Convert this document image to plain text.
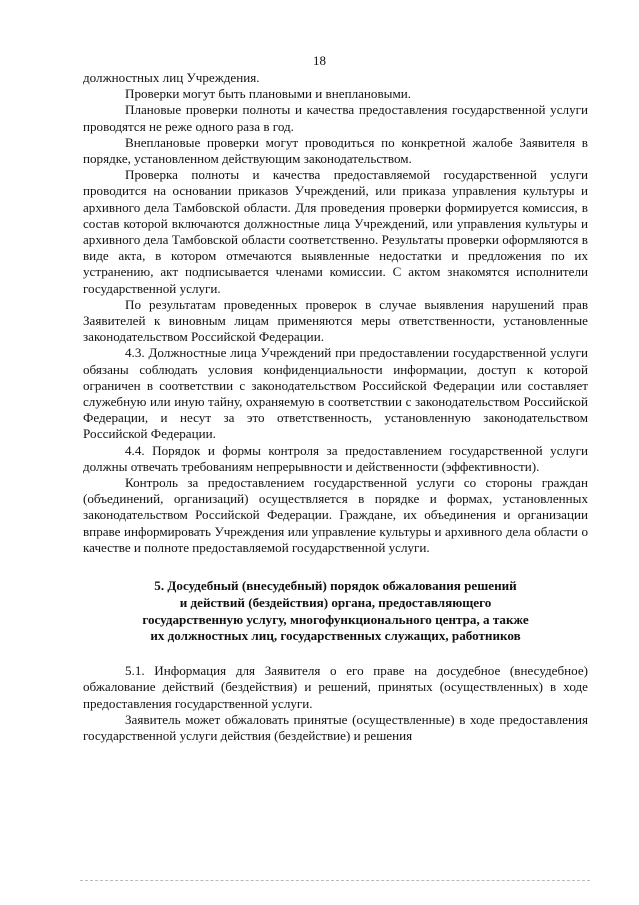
18

должностных лиц Учреждения.

Проверки могут быть плановыми и внеплановыми.

Плановые проверки полноты и качества предоставления государственной услуги проводятся не реже одного раза в год.

Внеплановые проверки могут проводиться по конкретной жалобе Заявителя в порядке, установленном действующим законодательством.

Проверка полноты и качества предоставляемой государственной услуги проводится на основании приказов Учреждений, или приказа управления культуры и архивного дела Тамбовской области. Для проведения проверки формируется комиссия, в состав которой включаются должностные лица Учреждений, или управления культуры и архивного дела Тамбовской области соответственно. Результаты проверки оформляются в виде акта, в котором отмечаются выявленные недостатки и предложения по их устранению, акт подписывается членами комиссии. С актом знакомятся исполнители государственной услуги.

По результатам проведенных проверок в случае выявления нарушений прав Заявителей к виновным лицам применяются меры ответственности, установленные законодательством Российской Федерации.

4.3. Должностные лица Учреждений при предоставлении государственной услуги обязаны соблюдать условия конфиденциальности информации, доступ к которой ограничен в соответствии с законодательством Российской Федерации или составляет служебную или иную тайну, охраняемую в соответствии с законодательством Российской Федерации, и несут за это ответственность, установленную законодательством Российской Федерации.

4.4. Порядок и формы контроля за предоставлением государственной услуги должны отвечать требованиям непрерывности и действенности (эффективности).

Контроль за предоставлением государственной услуги со стороны граждан (объединений, организаций) осуществляется в порядке и формах, установленных законодательством Российской Федерации. Граждане, их объединения и организации вправе информировать Учреждения или управление культуры и архивного дела области о качестве и полноте предоставляемой государственной услуги.

5. Досудебный (внесудебный) порядок обжалования решений
и действий (бездействия) органа, предоставляющего
государственную услугу, многофункционального центра, а также
их должностных лиц, государственных служащих, работников

5.1. Информация для Заявителя о его праве на досудебное (внесудебное) обжалование действий (бездействия) и решений, принятых (осуществленных) в ходе предоставления государственной услуги.

Заявитель может обжаловать принятые (осуществленные) в ходе предоставления государственной услуги действия (бездействие) и решения
